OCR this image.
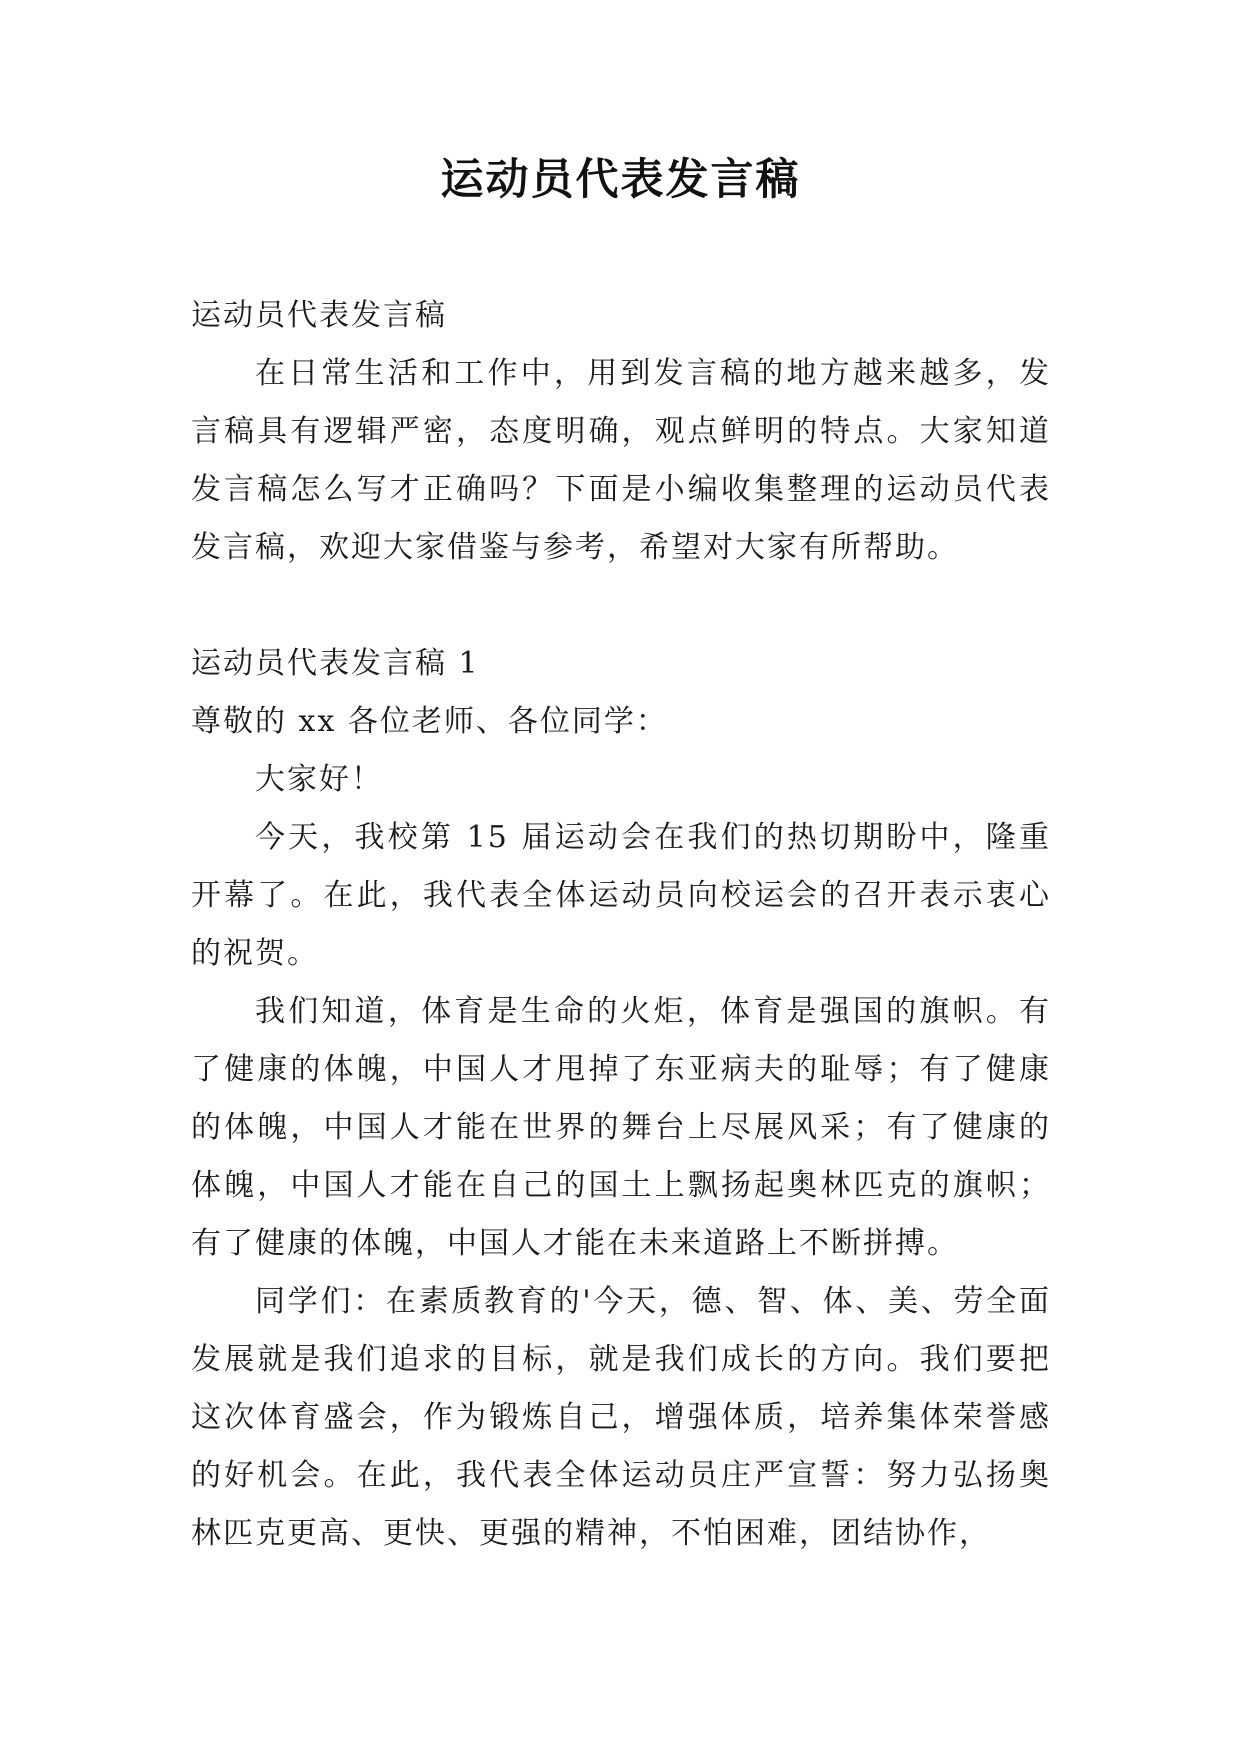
运动员代表发言稿

运动员代表发言稿

在日常生活和工作中，用到发言稿的地方越来越多，发言稿具有逻辑严密，态度明确，观点鲜明的特点。大家知道发言稿怎么写才正确吗？下面是小编收集整理的运动员代表发言稿，欢迎大家借鉴与参考，希望对大家有所帮助。

运动员代表发言稿 1

尊敬的 xx 各位老师、各位同学：

大家好！

今天，我校第 15 届运动会在我们的热切期盼中，隆重开幕了。在此，我代表全体运动员向校运会的召开表示衷心的祝贺。

我们知道，体育是生命的火炬，体育是强国的旗帜。有了健康的体魄，中国人才甩掉了东亚病夫的耻辱；有了健康的体魄，中国人才能在世界的舞台上尽展风采；有了健康的体魄，中国人才能在自己的国土上飘扬起奥林匹克的旗帜；有了健康的体魄，中国人才能在未来道路上不断拼搏。

同学们：在素质教育的'今天，德、智、体、美、劳全面发展就是我们追求的目标，就是我们成长的方向。我们要把这次体育盛会，作为锻炼自己，增强体质，培养集体荣誉感的好机会。在此，我代表全体运动员庄严宣誓：努力弘扬奥林匹克更高、更快、更强的精神，不怕困难，团结协作，
